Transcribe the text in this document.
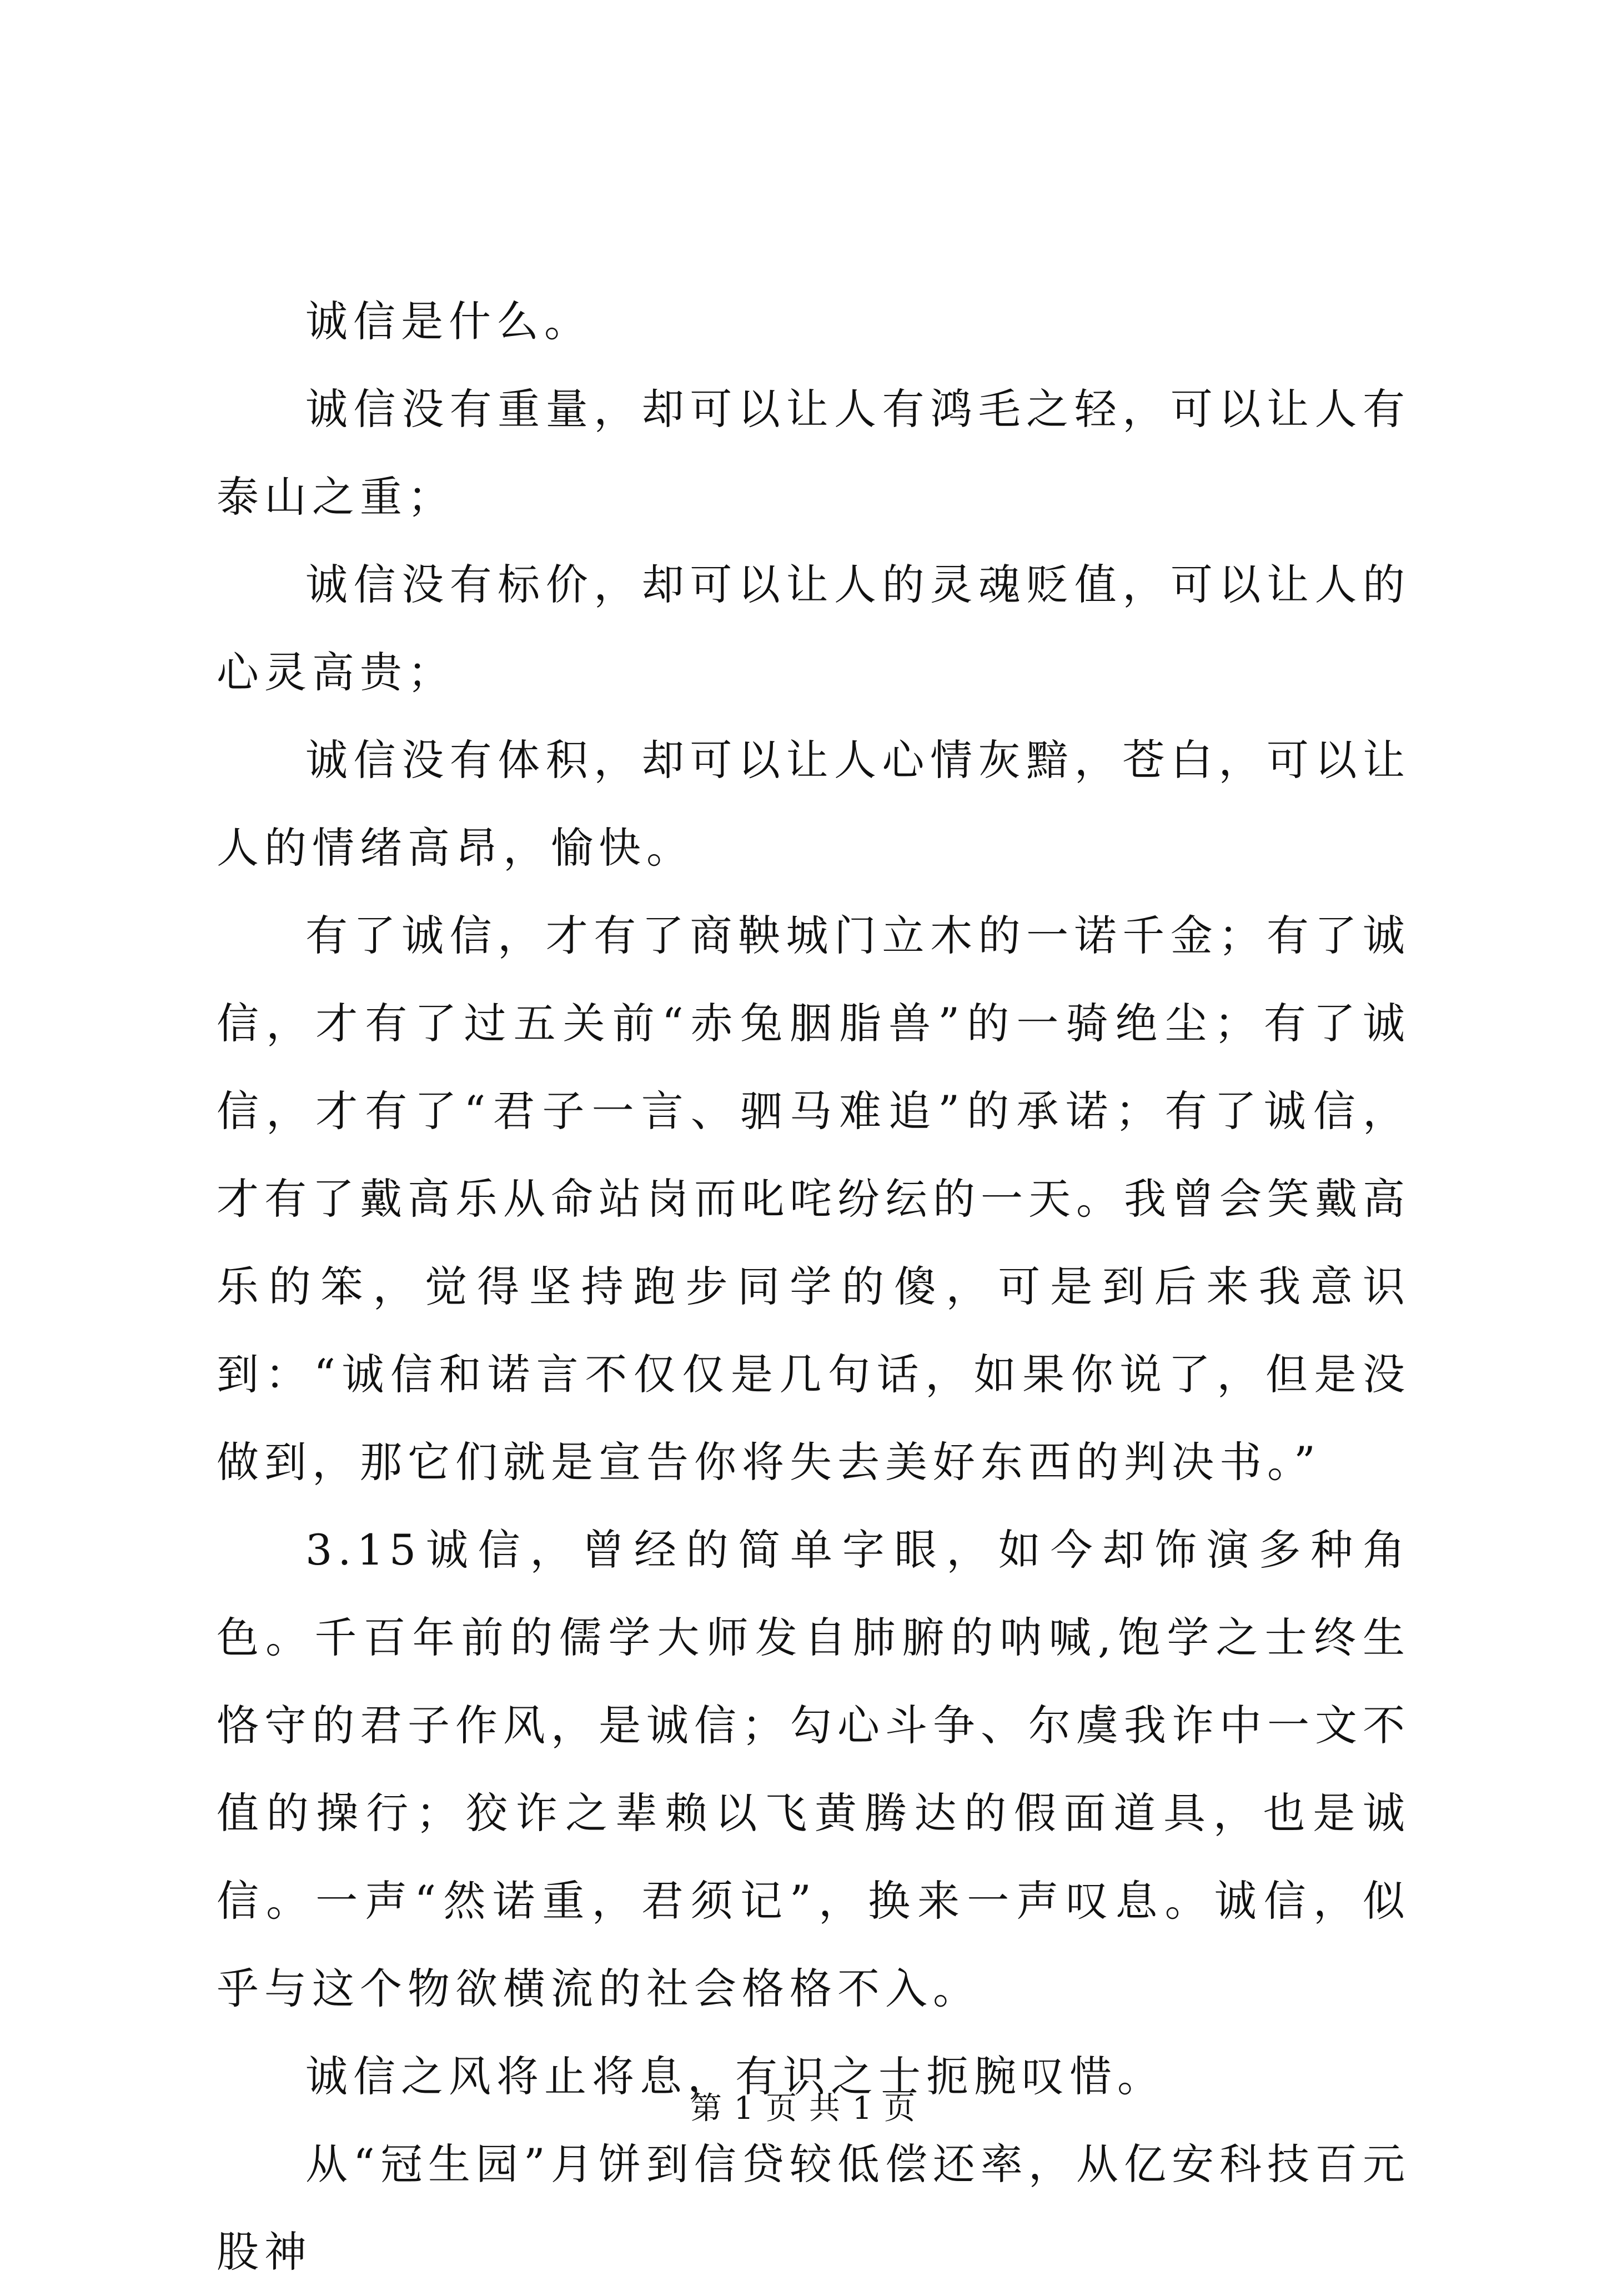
诚信是什么。

诚信没有重量，却可以让人有鸿毛之轻，可以让人有泰山之重；

诚信没有标价，却可以让人的灵魂贬值，可以让人的心灵高贵；

诚信没有体积，却可以让人心情灰黯，苍白，可以让人的情绪高昂，愉快。

有了诚信，才有了商鞅城门立木的一诺千金；有了诚信，才有了过五关前“赤兔胭脂兽”的一骑绝尘；有了诚信，才有了“君子一言、驷马难追”的承诺；有了诚信，才有了戴高乐从命站岗而叱咤纷纭的一天。我曾会笑戴高乐的笨，觉得坚持跑步同学的傻，可是到后来我意识到：“诚信和诺言不仅仅是几句话，如果你说了，但是没做到，那它们就是宣告你将失去美好东西的判决书。”

3.15诚信，曾经的简单字眼，如今却饰演多种角色。千百年前的儒学大师发自肺腑的呐喊,饱学之士终生恪守的君子作风，是诚信；勾心斗争、尔虞我诈中一文不值的操行；狡诈之辈赖以飞黄腾达的假面道具，也是诚信。一声“然诺重，君须记”，换来一声叹息。诚信，似乎与这个物欲横流的社会格格不入。

诚信之风将止将息，有识之士扼腕叹惜。

从“冠生园”月饼到信贷较低偿还率，从亿安科技百元股神

第 1 页 共 1 页
